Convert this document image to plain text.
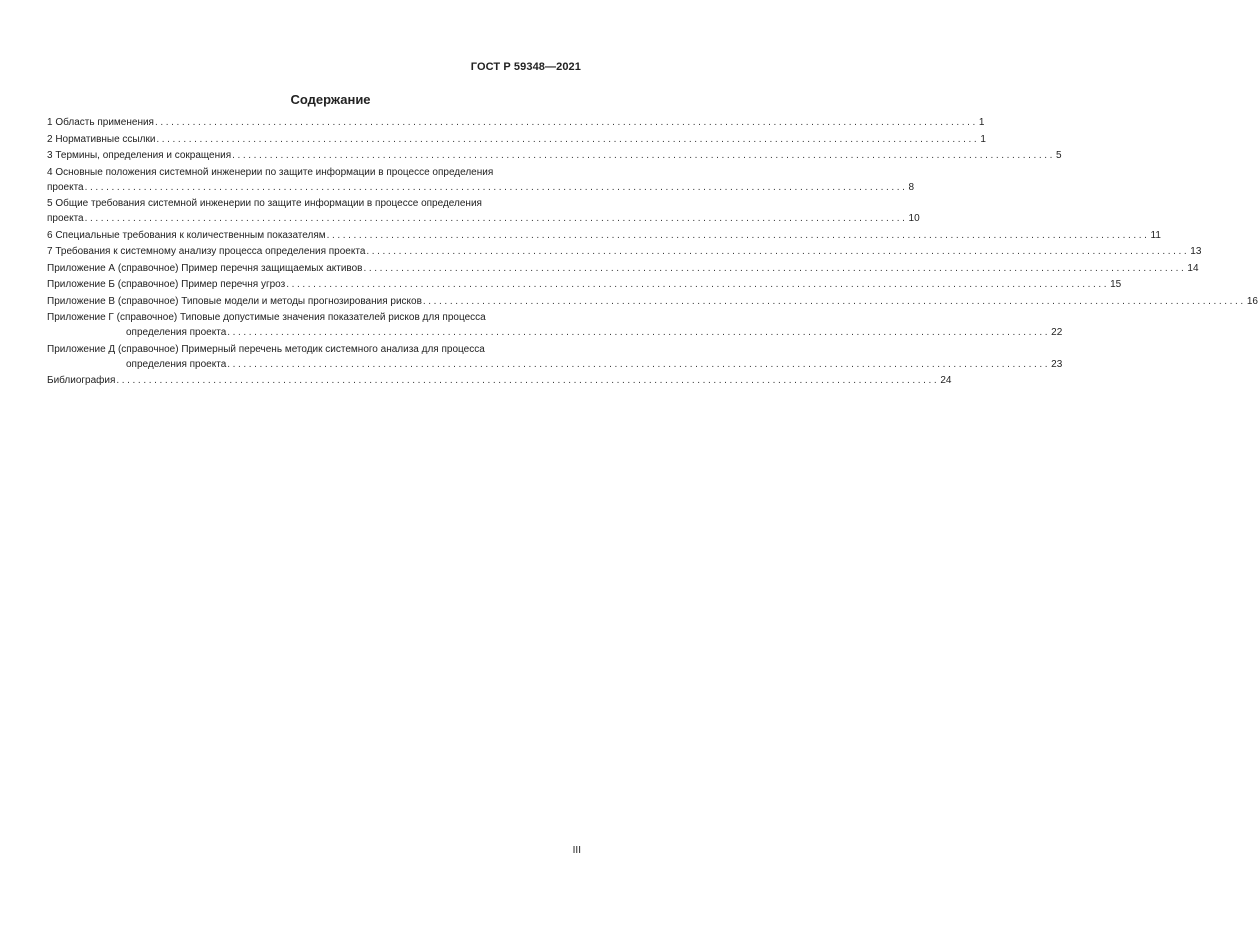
ГОСТ Р 59348—2021
Содержание
1 Область применения ......................................................................................................................................................... 1
2 Нормативные ссылки ......................................................................................................................................................... 1
3 Термины, определения и сокращения ......................................................................................................................................................... 5
4 Основные положения системной инженерии по защите информации в процессе определения
проекта ......................................................................................................................................................... 8
5 Общие требования системной инженерии по защите информации в процессе определения
проекта ......................................................................................................................................................... 10
6 Специальные требования к количественным показателям ......................................................................................................................................................... 11
7 Требования к системному анализу процесса определения проекта ......................................................................................................................................................... 13
Приложение А (справочное) Пример перечня защищаемых активов ......................................................................................................................................................... 14
Приложение Б (справочное) Пример перечня угроз ......................................................................................................................................................... 15
Приложение В (справочное) Типовые модели и методы прогнозирования рисков ......................................................................................................................................................... 16
Приложение Г (справочное) Типовые допустимые значения показателей рисков для процесса
определения проекта ......................................................................................................................................................... 22
Приложение Д (справочное) Примерный перечень методик системного анализа для процесса
определения проекта ......................................................................................................................................................... 23
Библиография ......................................................................................................................................................... 24
III
